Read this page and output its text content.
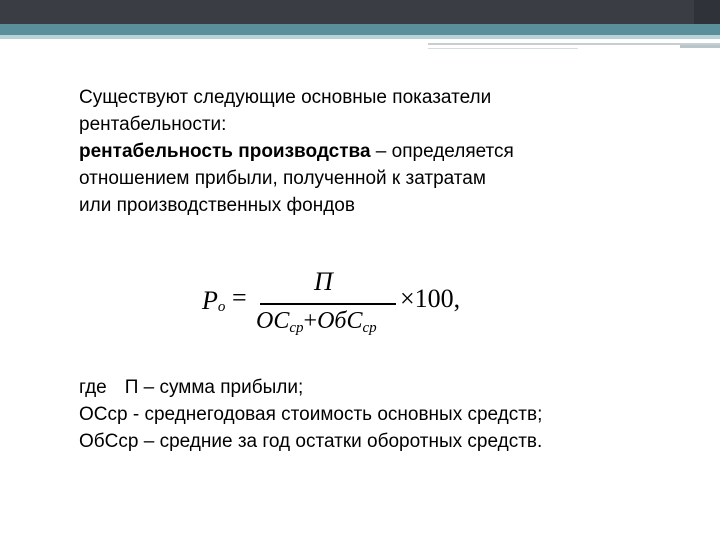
Существуют следующие основные показатели

рентабельности:

рентабельность производства – определяется

отношением прибыли, полученной к затратам

или производственных фондов

$P_o$ =
П
$ОС_{ср}+ОбС_{ср}$
×100,

где П – сумма прибыли;

ОСср - среднегодовая стоимость основных средств;

ОбСср – средние за год остатки оборотных средств.
